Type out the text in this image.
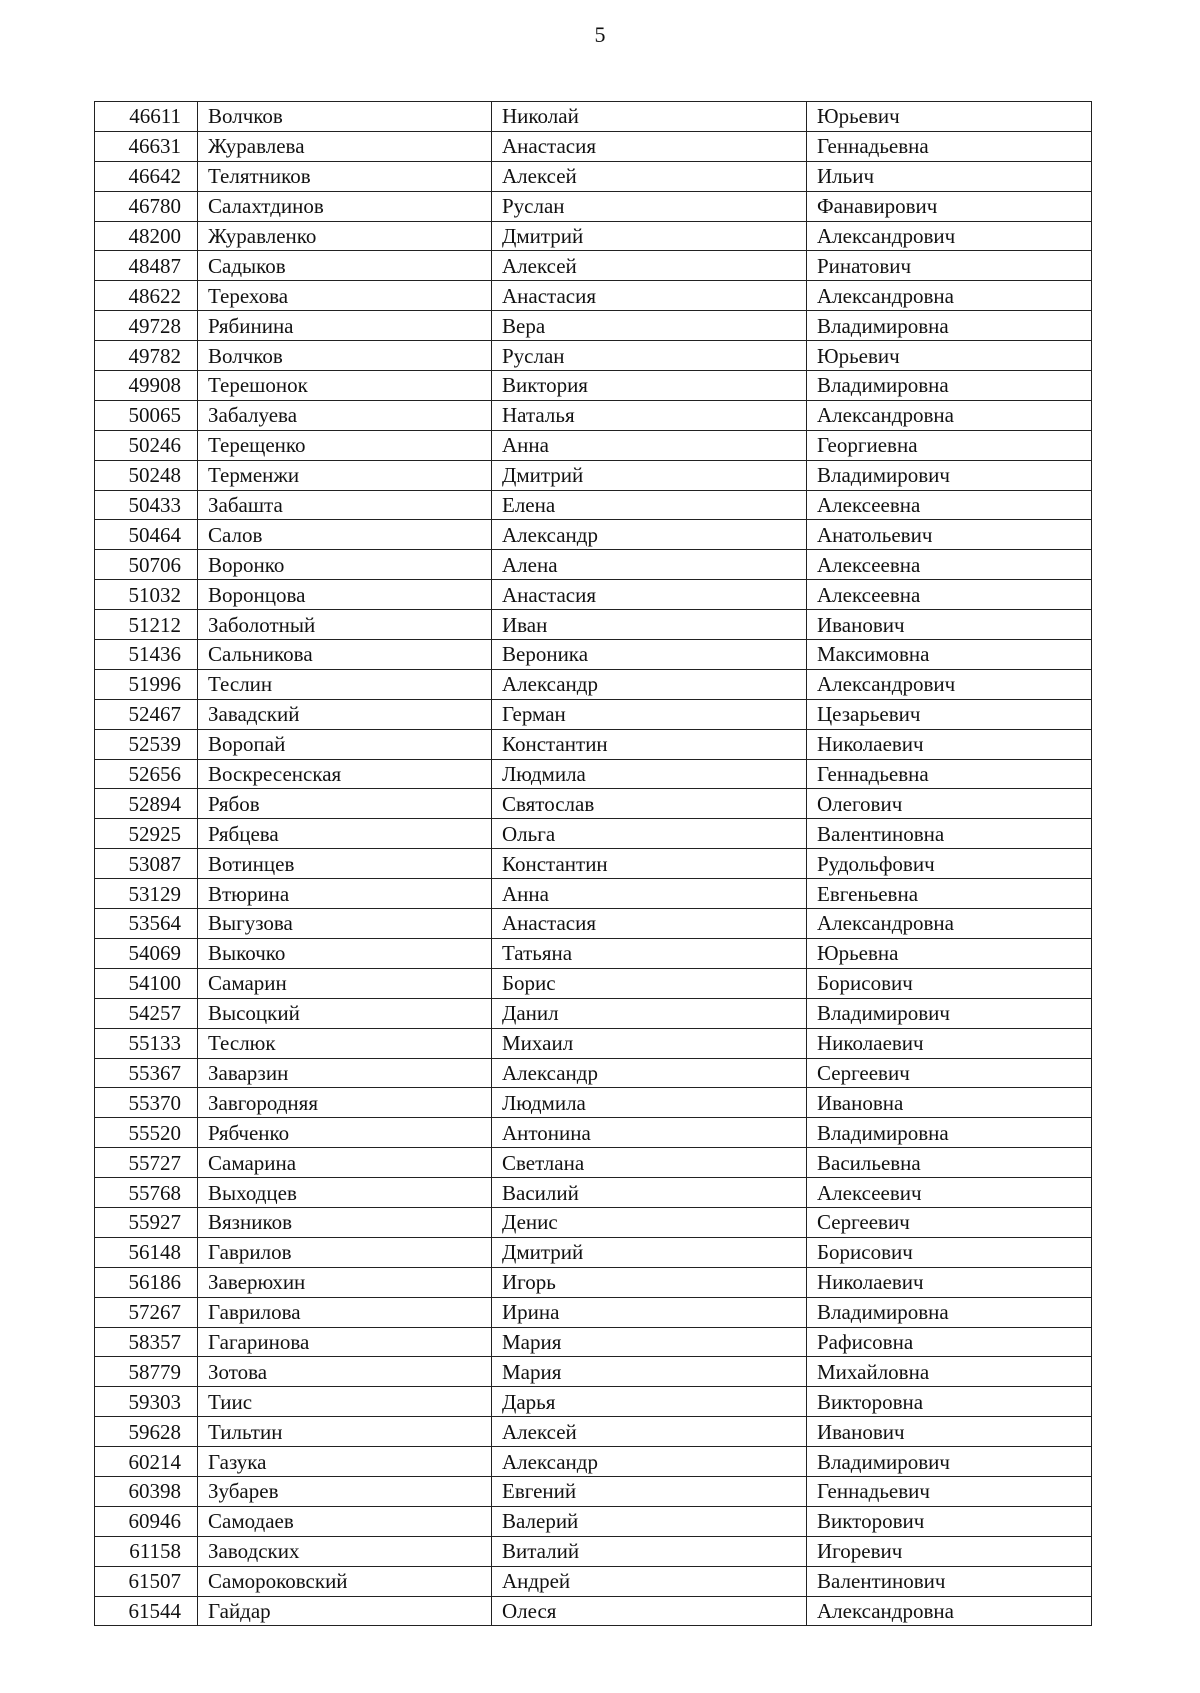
5
46611	Волчков	Николай	Юрьевич
46631	Журавлева	Анастасия	Геннадьевна
46642	Телятников	Алексей	Ильич
46780	Салахтдинов	Руслан	Фанавирович
48200	Журавленко	Дмитрий	Александрович
48487	Садыков	Алексей	Ринатович
48622	Терехова	Анастасия	Александровна
49728	Рябинина	Вера	Владимировна
49782	Волчков	Руслан	Юрьевич
49908	Терешонок	Виктория	Владимировна
50065	Забалуева	Наталья	Александровна
50246	Терещенко	Анна	Георгиевна
50248	Терменжи	Дмитрий	Владимирович
50433	Забашта	Елена	Алексеевна
50464	Салов	Александр	Анатольевич
50706	Воронко	Алена	Алексеевна
51032	Воронцова	Анастасия	Алексеевна
51212	Заболотный	Иван	Иванович
51436	Сальникова	Вероника	Максимовна
51996	Теслин	Александр	Александрович
52467	Завадский	Герман	Цезарьевич
52539	Воропай	Константин	Николаевич
52656	Воскресенская	Людмила	Геннадьевна
52894	Рябов	Святослав	Олегович
52925	Рябцева	Ольга	Валентиновна
53087	Вотинцев	Константин	Рудольфович
53129	Втюрина	Анна	Евгеньевна
53564	Выгузова	Анастасия	Александровна
54069	Выкочко	Татьяна	Юрьевна
54100	Самарин	Борис	Борисович
54257	Высоцкий	Данил	Владимирович
55133	Теслюк	Михаил	Николаевич
55367	Заварзин	Александр	Сергеевич
55370	Завгородняя	Людмила	Ивановна
55520	Рябченко	Антонина	Владимировна
55727	Самарина	Светлана	Васильевна
55768	Выходцев	Василий	Алексеевич
55927	Вязников	Денис	Сергеевич
56148	Гаврилов	Дмитрий	Борисович
56186	Заверюхин	Игорь	Николаевич
57267	Гаврилова	Ирина	Владимировна
58357	Гагаринова	Мария	Рафисовна
58779	Зотова	Мария	Михайловна
59303	Тиис	Дарья	Викторовна
59628	Тильтин	Алексей	Иванович
60214	Газука	Александр	Владимирович
60398	Зубарев	Евгений	Геннадьевич
60946	Самодаев	Валерий	Викторович
61158	Заводских	Виталий	Игоревич
61507	Самороковский	Андрей	Валентинович
61544	Гайдар	Олеся	Александровна
